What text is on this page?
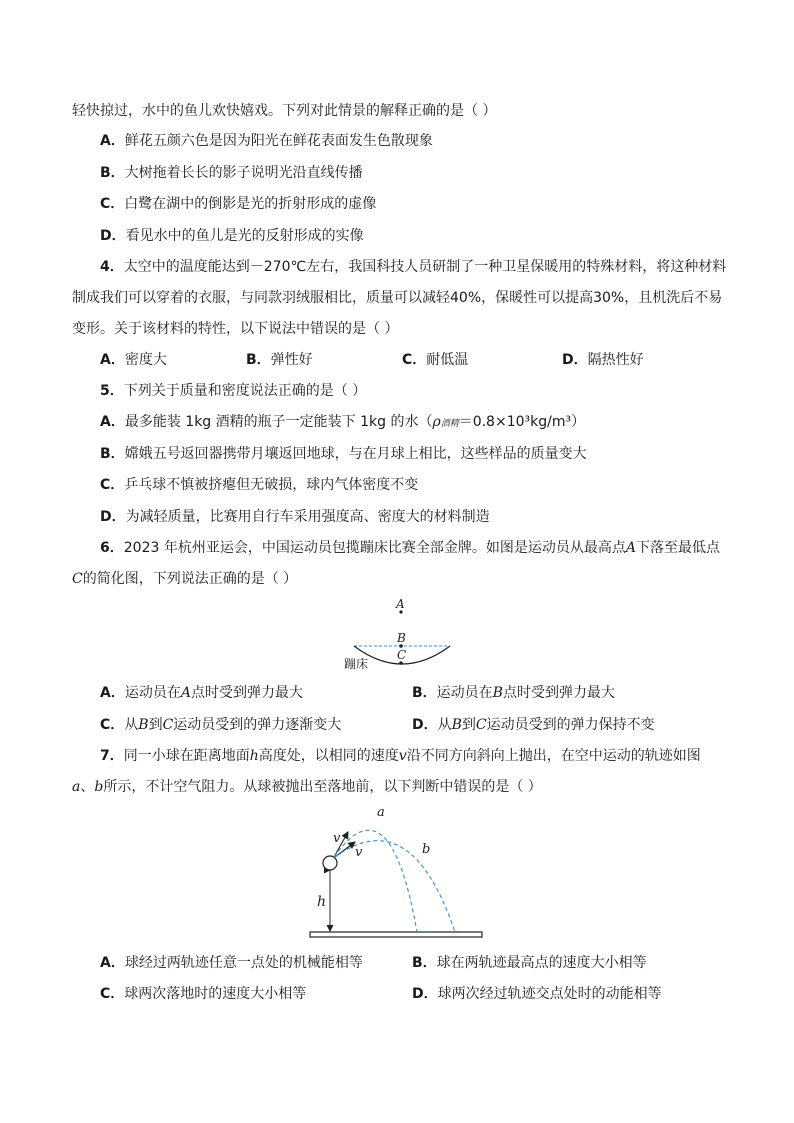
轻快掠过，水中的鱼儿欢快嬉戏。下列对此情景的解释正确的是（ ）
A．鲜花五颜六色是因为阳光在鲜花表面发生色散现象
B．大树拖着长长的影子说明光沿直线传播
C．白鹭在湖中的倒影是光的折射形成的虚像
D．看见水中的鱼儿是光的反射形成的实像
4．太空中的温度能达到－270℃左右，我国科技人员研制了一种卫星保暖用的特殊材料，将这种材料
制成我们可以穿着的衣服，与同款羽绒服相比，质量可以减轻40%，保暖性可以提高30%，且机洗后不易
变形。关于该材料的特性，以下说法中错误的是（ ）
A．密度大	B．弹性好	C．耐低温	D．隔热性好
5．下列关于质量和密度说法正确的是（ ）
A．最多能装 1kg 酒精的瓶子一定能装下 1kg 的水（ρ酒精＝0.8×10³kg/m³）
B．嫦娥五号返回器携带月壤返回地球，与在月球上相比，这些样品的质量变大
C．乒乓球不慎被挤瘪但无破损，球内气体密度不变
D．为减轻质量，比赛用自行车采用强度高、密度大的材料制造
6．2023 年杭州亚运会，中国运动员包揽蹦床比赛全部金牌。如图是运动员从最高点A下落至最低点
C的简化图，下列说法正确的是（ ）
A
B
C
蹦床
A．运动员在A点时受到弹力最大	B．运动员在B点时受到弹力最大
C．从B到C运动员受到的弹力逐渐变大	D．从B到C运动员受到的弹力保持不变
7．同一小球在距离地面h高度处，以相同的速度v沿不同方向斜向上抛出，在空中运动的轨迹如图
a、b所示，不计空气阻力。从球被抛出至落地前，以下判断中错误的是（ ）
h
v
v
a
b
A．球经过两轨迹任意一点处的机械能相等	B．球在两轨迹最高点的速度大小相等
C．球两次落地时的速度大小相等	D．球两次经过轨迹交点处时的动能相等
